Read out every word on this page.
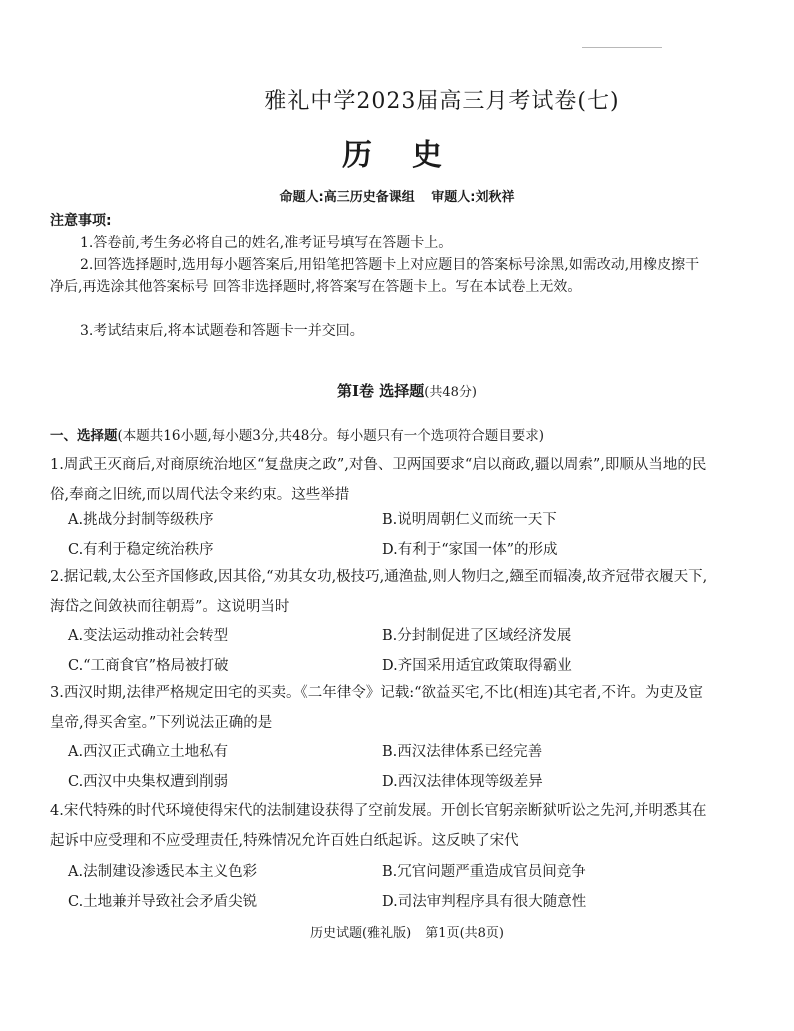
雅礼中学2023届高三月考试卷(七)
历史
命题人:高三历史备课组 审题人:刘秋祥
注意事项:

1.答卷前,考生务必将自己的姓名,准考证号填写在答题卡上。

2.回答选择题时,选用每小题答案后,用铅笔把答题卡上对应题目的答案标号涂黑,如需改动,用橡皮擦干净后,再选涂其他答案标号 回答非选择题时,将答案写在答题卡上。写在本试卷上无效。

3.考试结束后,将本试题卷和答题卡一并交回。

第Ⅰ卷 选择题(共48分)
一、选择题(本题共16小题,每小题3分,共48分。每小题只有一个选项符合题目要求)

1.周武王灭商后,对商原统治地区“复盘庚之政”,对鲁、卫两国要求“启以商政,疆以周索”,即顺从当地的民俗,奉商之旧统,而以周代法令来约束。这些举措

A.挑战分封制等级秩序	B.说明周朝仁义而统一天下
C.有利于稳定统治秩序	D.有利于“家国一体”的形成

2.据记载,太公至齐国修政,因其俗,“劝其女功,极技巧,通渔盐,则人物归之,繦至而辐凑,故齐冠带衣履天下,海岱之间敛袂而往朝焉”。这说明当时

A.变法运动推动社会转型	B.分封制促进了区域经济发展
C.“工商食官”格局被打破	D.齐国采用适宜政策取得霸业

3.西汉时期,法律严格规定田宅的买卖。《二年律令》记载:“欲益买宅,不比(相连)其宅者,不许。为吏及宦皇帝,得买舍室。”下列说法正确的是

A.西汉正式确立土地私有	B.西汉法律体系已经完善
C.西汉中央集权遭到削弱	D.西汉法律体现等级差异

4.宋代特殊的时代环境使得宋代的法制建设获得了空前发展。开创长官躬亲断狱听讼之先河,并明悉其在起诉中应受理和不应受理责任,特殊情况允许百姓白纸起诉。这反映了宋代

A.法制建设渗透民本主义色彩	B.冗官问题严重造成官员间竞争
C.土地兼并导致社会矛盾尖锐	D.司法审判程序具有很大随意性
历史试题(雅礼版) 第1页(共8页)
